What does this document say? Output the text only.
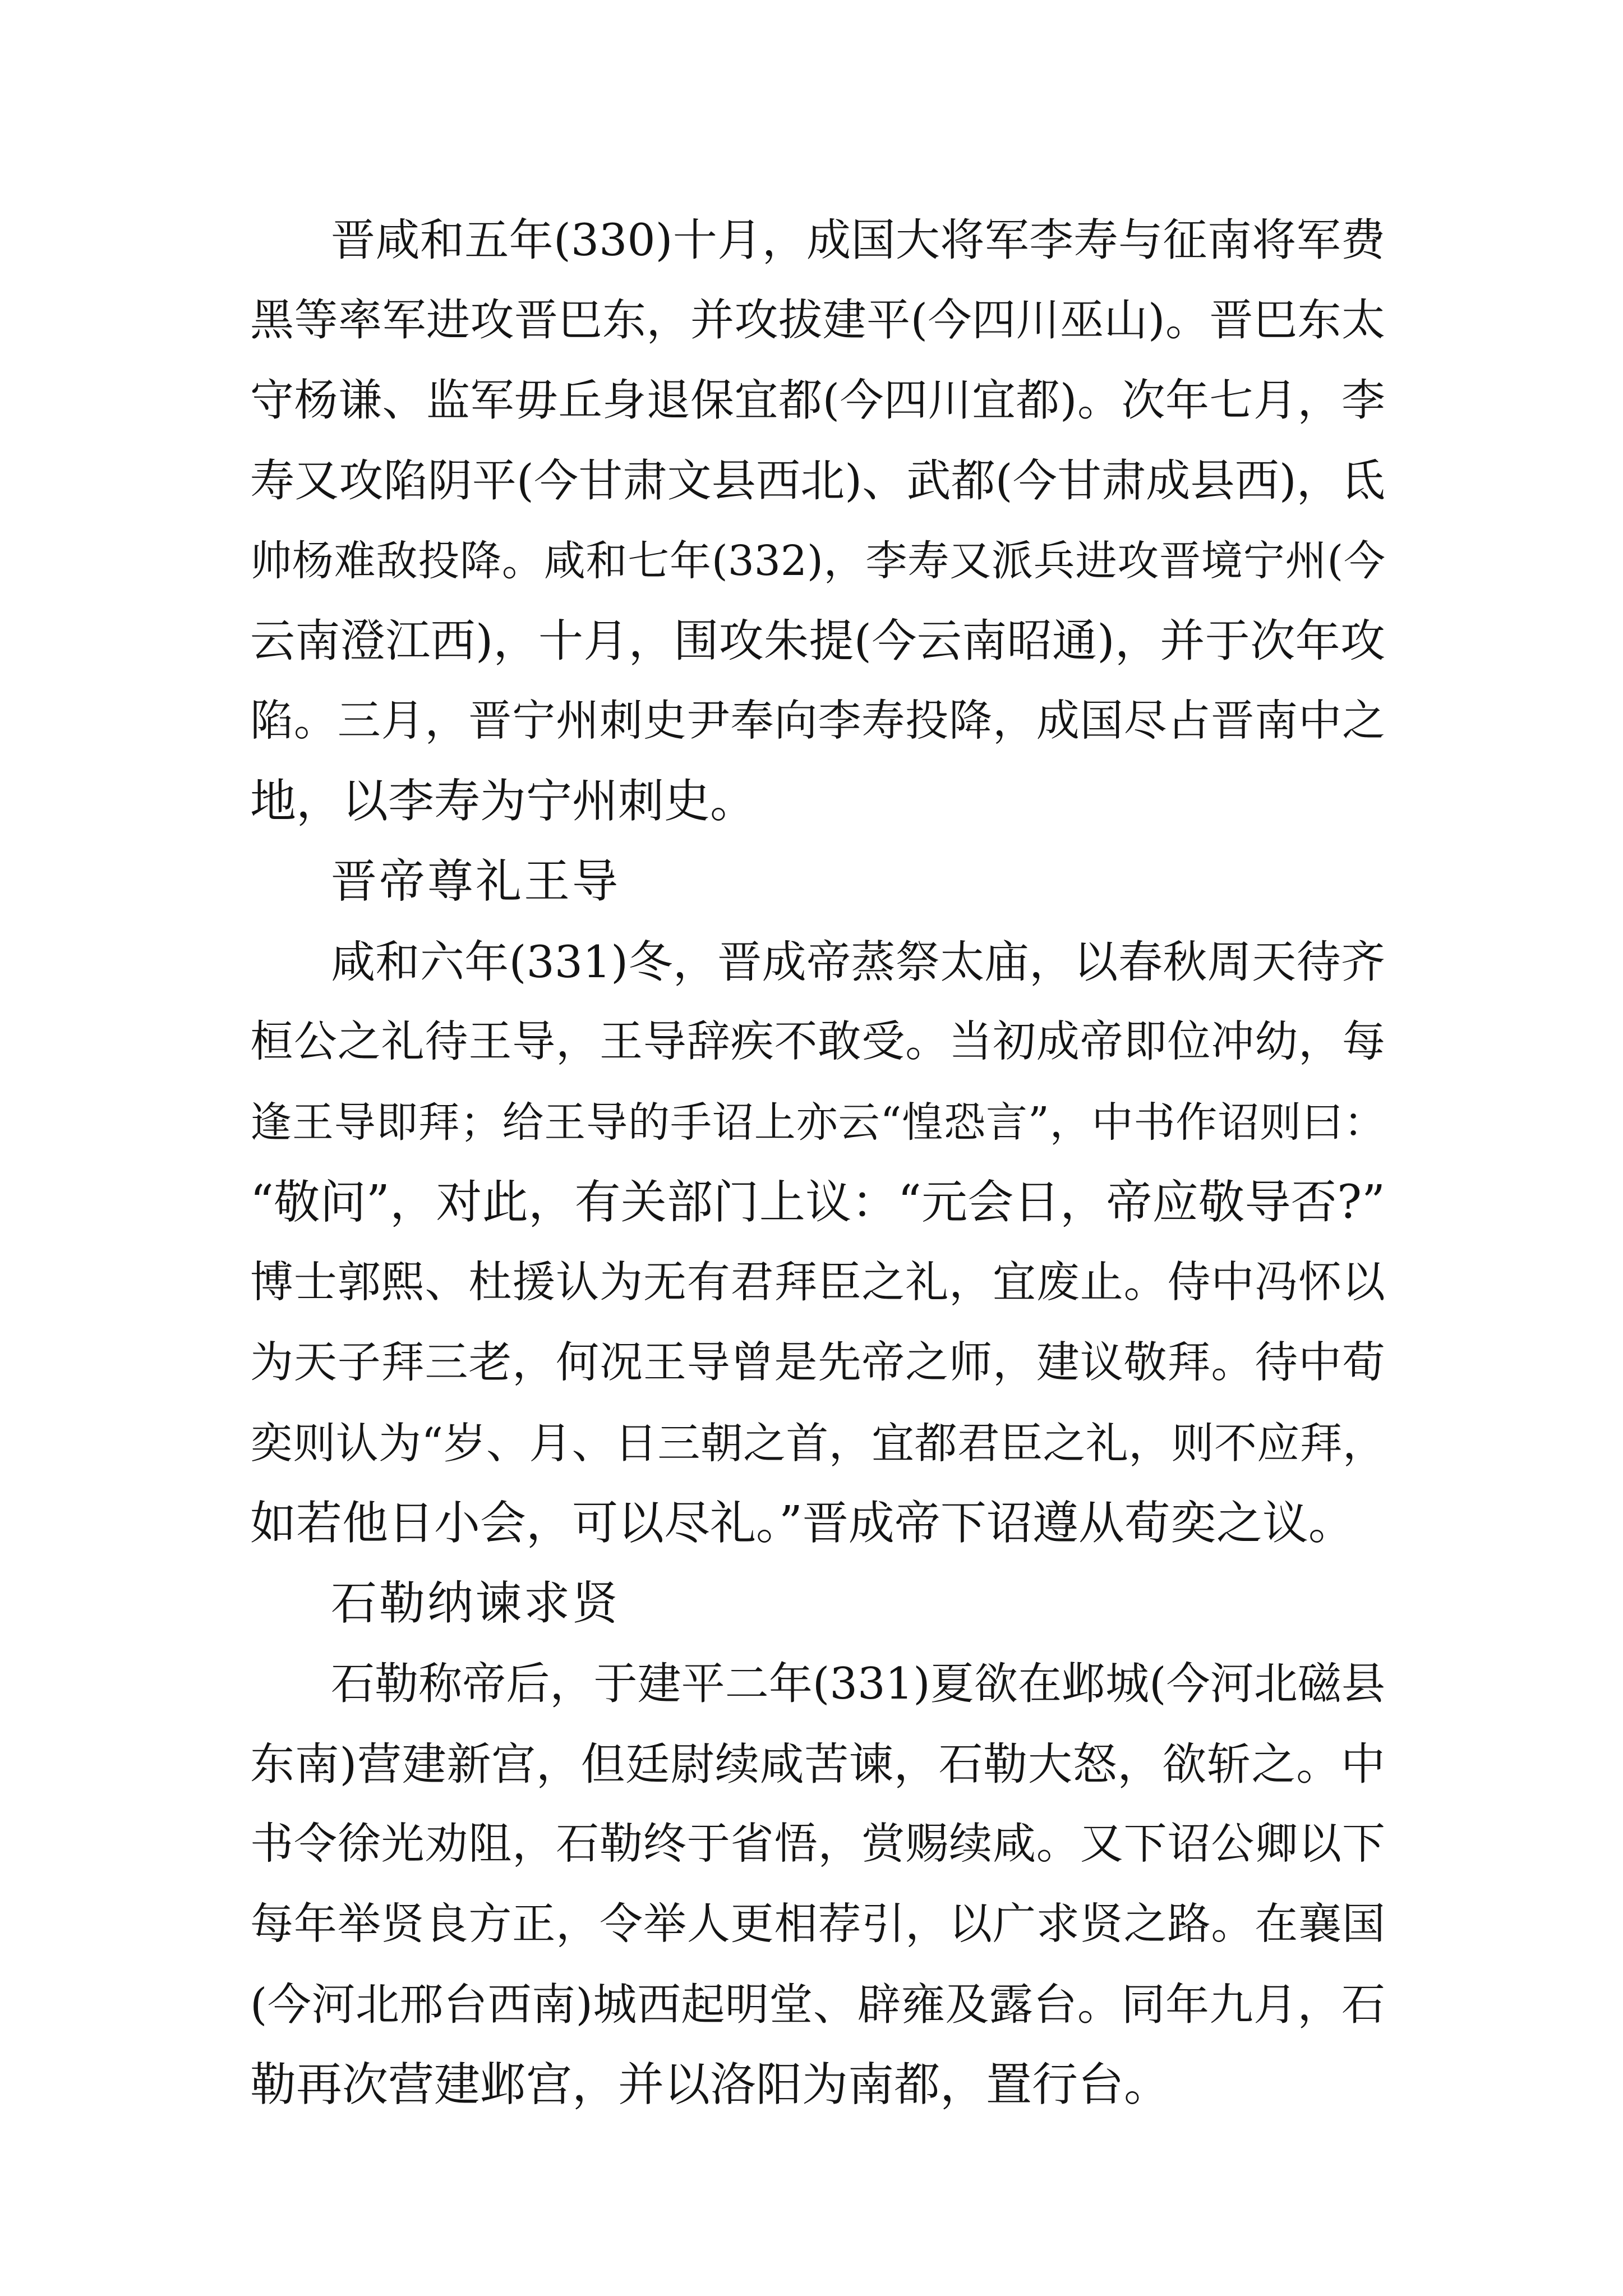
晋咸和五年(330)十月，成国大将军李寿与征南将军费
黑等率军进攻晋巴东，并攻拔建平(今四川巫山)。晋巴东太
守杨谦、监军毋丘身退保宜都(今四川宜都)。次年七月，李
寿又攻陷阴平(今甘肃文县西北)、武都(今甘肃成县西)，氐
帅杨难敌投降。咸和七年(332)，李寿又派兵进攻晋境宁州(今
云南澄江西)，十月，围攻朱提(今云南昭通)，并于次年攻
陷。三月，晋宁州刺史尹奉向李寿投降，成国尽占晋南中之
地，以李寿为宁州刺史。
晋帝尊礼王导
咸和六年(331)冬，晋成帝蒸祭太庙，以春秋周天待齐
桓公之礼待王导，王导辞疾不敢受。当初成帝即位冲幼，每
逢王导即拜；给王导的手诏上亦云“惶恐言”，中书作诏则曰：
“敬问”，对此，有关部门上议：“元会日，帝应敬导否?”
博士郭熙、杜援认为无有君拜臣之礼，宜废止。侍中冯怀以
为天子拜三老，何况王导曾是先帝之师，建议敬拜。待中荀
奕则认为“岁、月、日三朝之首，宜都君臣之礼，则不应拜，
如若他日小会，可以尽礼。”晋成帝下诏遵从荀奕之议。
石勒纳谏求贤
石勒称帝后，于建平二年(331)夏欲在邺城(今河北磁县
东南)营建新宫，但廷尉续咸苦谏，石勒大怒，欲斩之。中
书令徐光劝阻，石勒终于省悟，赏赐续咸。又下诏公卿以下
每年举贤良方正，令举人更相荐引，以广求贤之路。在襄国
(今河北邢台西南)城西起明堂、辟雍及露台。同年九月，石
勒再次营建邺宫，并以洛阳为南都，置行台。
